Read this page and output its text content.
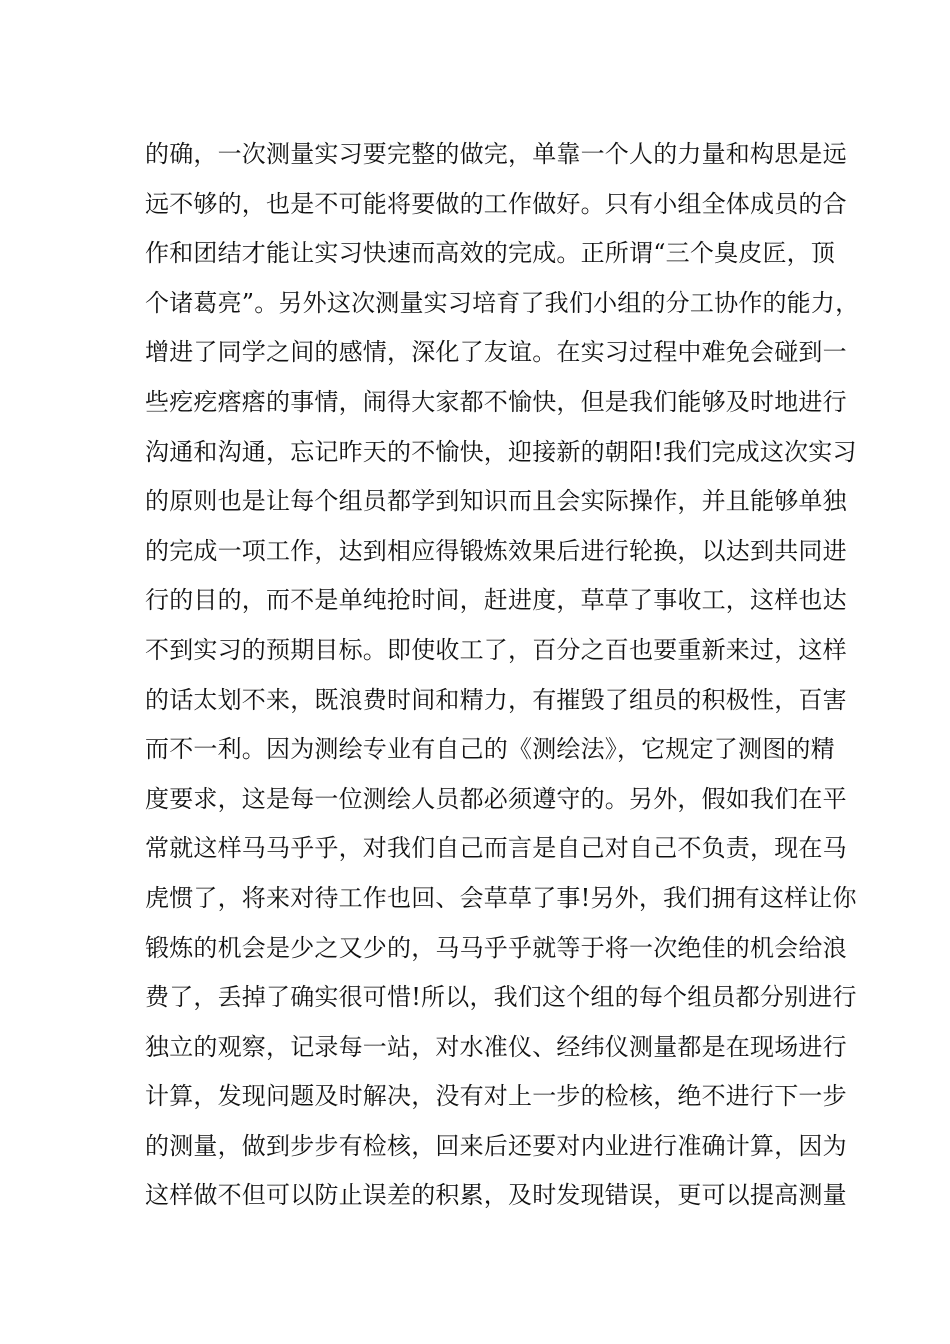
的确，一次测量实习要完整的做完，单靠一个人的力量和构思是远
远不够的，也是不可能将要做的工作做好。只有小组全体成员的合
作和团结才能让实习快速而高效的完成。正所谓“三个臭皮匠，顶
个诸葛亮”。另外这次测量实习培育了我们小组的分工协作的能力，
增进了同学之间的感情，深化了友谊。在实习过程中难免会碰到一
些疙疙瘩瘩的事情，闹得大家都不愉快，但是我们能够及时地进行
沟通和沟通，忘记昨天的不愉快，迎接新的朝阳!我们完成这次实习
的原则也是让每个组员都学到知识而且会实际操作，并且能够单独
的完成一项工作，达到相应得锻炼效果后进行轮换，以达到共同进
行的目的，而不是单纯抢时间，赶进度，草草了事收工，这样也达
不到实习的预期目标。即使收工了，百分之百也要重新来过，这样
的话太划不来，既浪费时间和精力，有摧毁了组员的积极性，百害
而不一利。因为测绘专业有自己的《测绘法》，它规定了测图的精
度要求，这是每一位测绘人员都必须遵守的。另外，假如我们在平
常就这样马马乎乎，对我们自己而言是自己对自己不负责，现在马
虎惯了，将来对待工作也回、会草草了事!另外，我们拥有这样让你
锻炼的机会是少之又少的，马马乎乎就等于将一次绝佳的机会给浪
费了，丢掉了确实很可惜!所以，我们这个组的每个组员都分别进行
独立的观察，记录每一站，对水准仪、经纬仪测量都是在现场进行
计算，发现问题及时解决，没有对上一步的检核，绝不进行下一步
的测量，做到步步有检核，回来后还要对内业进行准确计算，因为
这样做不但可以防止误差的积累，及时发现错误，更可以提高测量
